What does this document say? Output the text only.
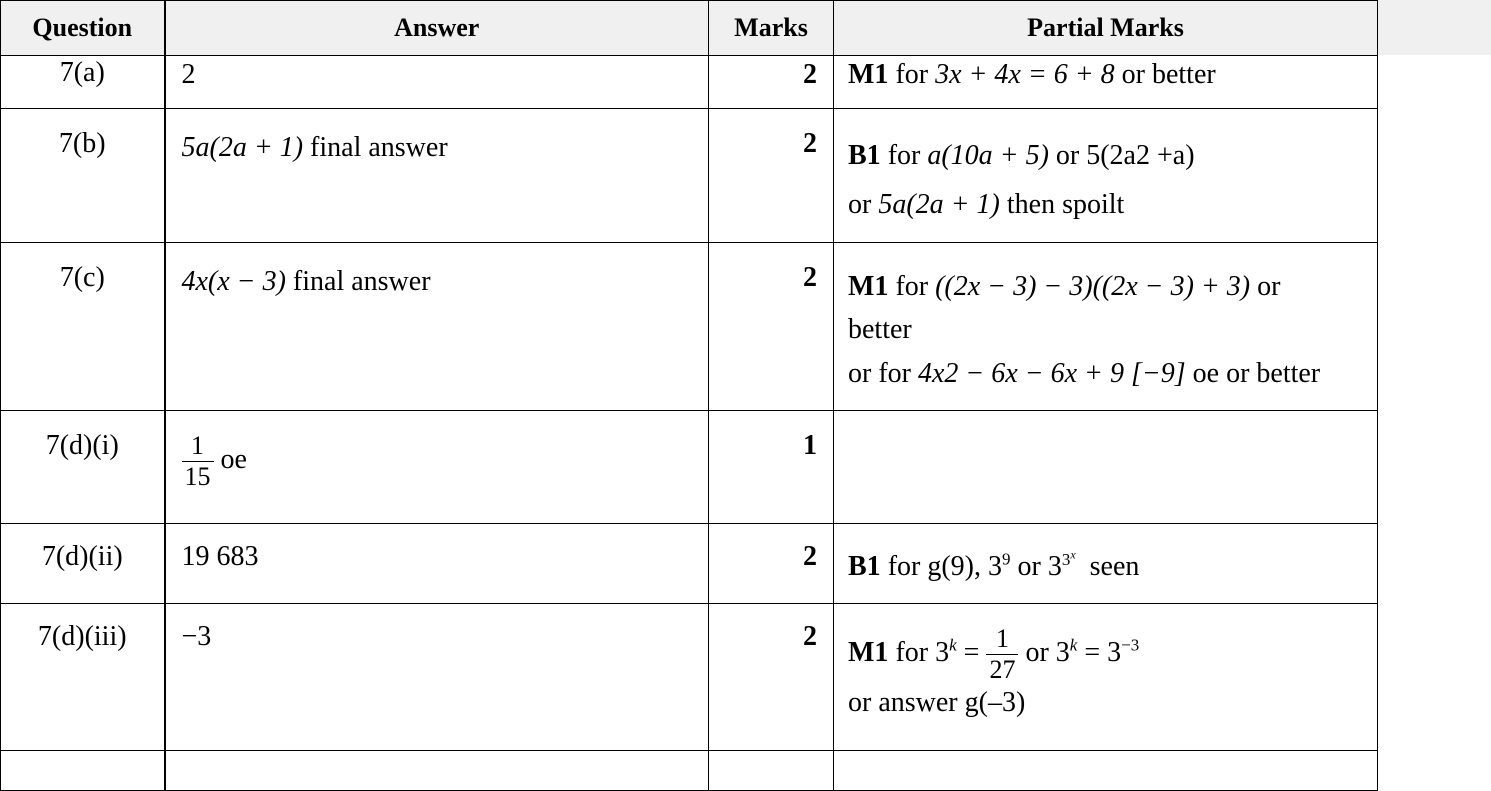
Question	Answer	Marks	Partial Marks
7(a)	2	2	M1 for 3x + 4x = 6 + 8 or better
7(b)	5a(2a + 1) final answer	2	B1 for a(10a + 5) or 5(2a2 +a)
or 5a(2a + 1) then spoilt

7(c)	4x(x − 3) final answer	2	M1 for ((2x − 3) − 3)((2x − 3) + 3) or
better
or for 4x2 − 6x − 6x + 9 [−9] oe or better

7(d)(i)	$\frac{1}{15}$ oe	1	
7(d)(ii)	19 683	2	B1 for g(9), $3^9$ or $3^{3^x}$ seen
7(d)(iii)	−3	2	M1 for $3^k = \frac{1}{27}$ or $3^k = 3^{-3}$
or answer g(–3)
